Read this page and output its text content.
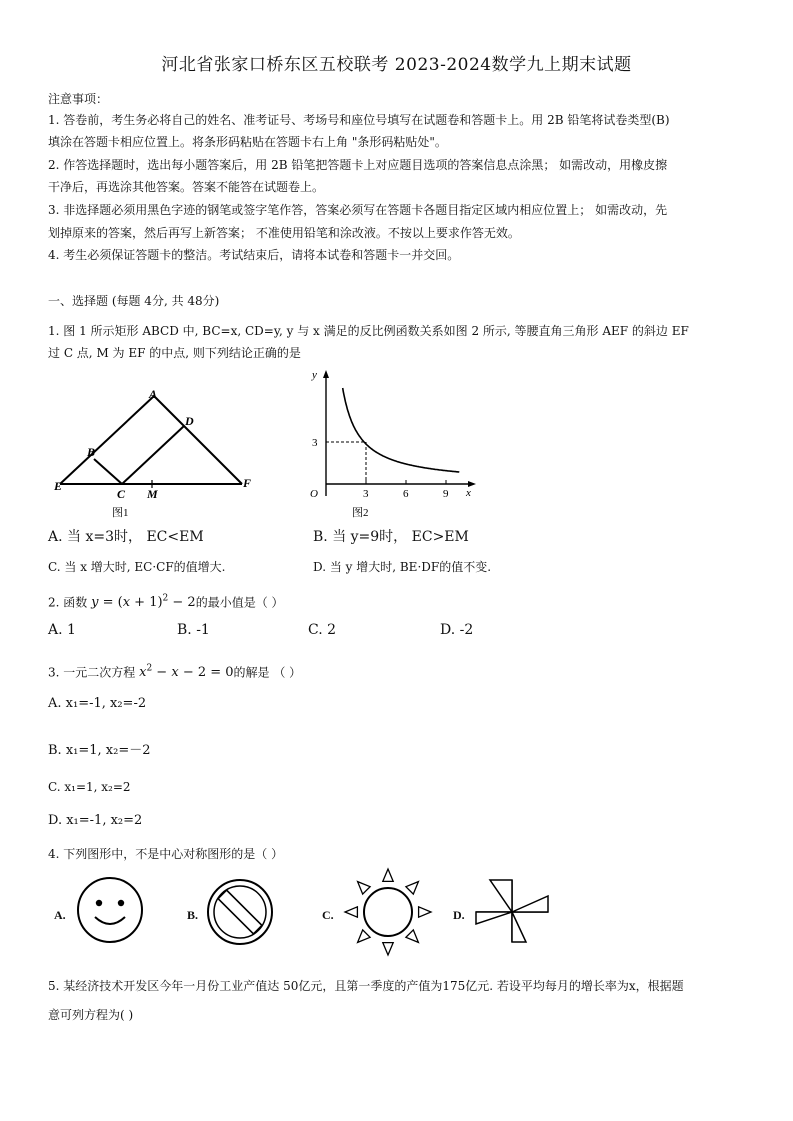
河北省张家口桥东区五校联考 2023-2024数学九上期末试题
注意事项：
1. 答卷前，考生务必将自己的姓名、准考证号、考场号和座位号填写在试题卷和答题卡上。用 2B 铅笔将试卷类型(B)
填涂在答题卡相应位置上。将条形码粘贴在答题卡右上角 "条形码粘贴处"。
2. 作答选择题时，选出每小题答案后，用 2B 铅笔把答题卡上对应题目选项的答案信息点涂黑； 如需改动，用橡皮擦
干净后，再选涂其他答案。答案不能答在试题卷上。
3. 非选择题必须用黑色字迹的钢笔或签字笔作答，答案必须写在答题卡各题目指定区域内相应位置上； 如需改动，先
划掉原来的答案，然后再写上新答案； 不准使用铅笔和涂改液。不按以上要求作答无效。
4. 考生必须保证答题卡的整洁。考试结束后，请将本试卷和答题卡一并交回。
一、选择题 (每题 4分, 共 48分)
1. 图 1 所示矩形 ABCD 中, BC=x, CD=y, y 与 x 满足的反比例函数关系如图 2 所示, 等腰直角三角形 AEF 的斜边 EF
过 C 点, M 为 EF 的中点, 则下列结论正确的是
A
D
B
E	F
C M
图1
y
x
O
3
3	6	9
图2
A. 当 x=3时， EC<EM	B. 当 y=9时， EC>EM
C. 当 x 增大时, EC·CF的值增大.	D. 当 y 增大时, BE·DF的值不变.
2. 函数 $y = (x + 1)^2 - 2$的最小值是（ ）
A. 1	B. -1	C. 2	D. -2
3. 一元二次方程 $x^2 - x - 2 = 0$的解是 （ ）
A. x₁=-1, x₂=-2
B. x₁=1, x₂=－2
C. x₁=1, x₂=2
D. x₁=-1, x₂=2
4. 下列图形中，不是中心对称图形的是（ ）
A.	B.	C.	D.
5. 某经济技术开发区今年一月份工业产值达 50亿元，且第一季度的产值为175亿元. 若设平均每月的增长率为x，根据题
意可列方程为( )
